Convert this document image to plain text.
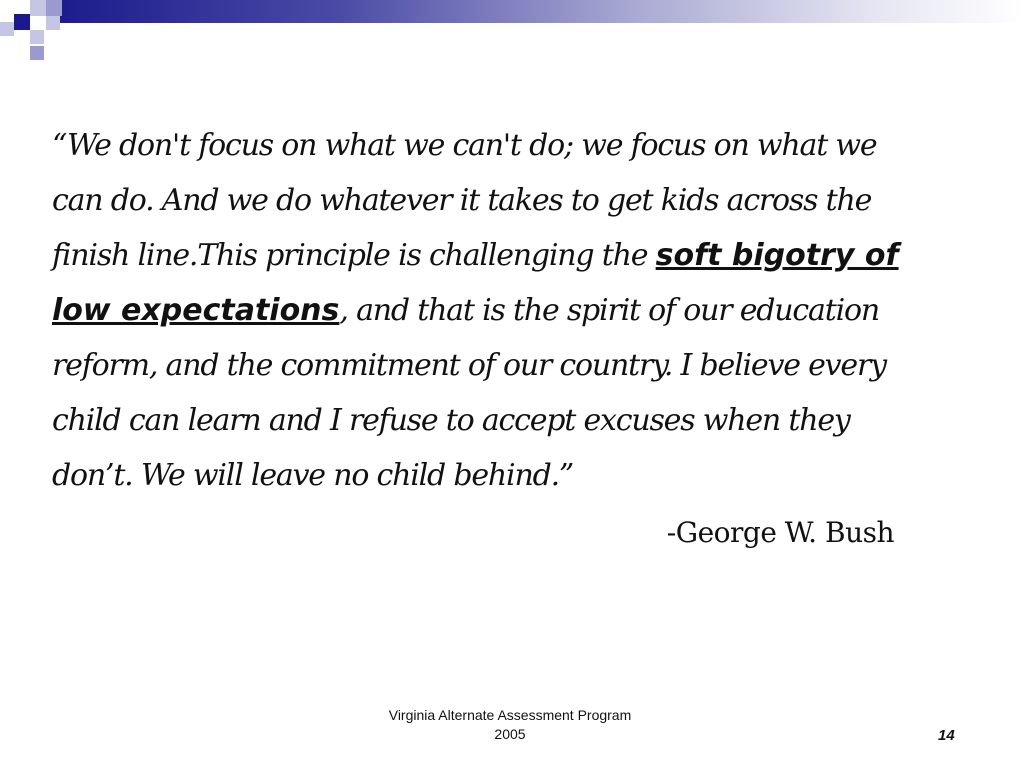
“We don't focus on what we can't do; we focus on what we can do. And we do whatever it takes to get kids across the finish line.This principle is challenging the soft bigotry of low expectations, and that is the spirit of our education reform, and the commitment of our country. I believe every child can learn and I refuse to accept excuses when they don’t. We will leave no child behind.”

-George W. Bush
Virginia Alternate Assessment Program
2005	14
